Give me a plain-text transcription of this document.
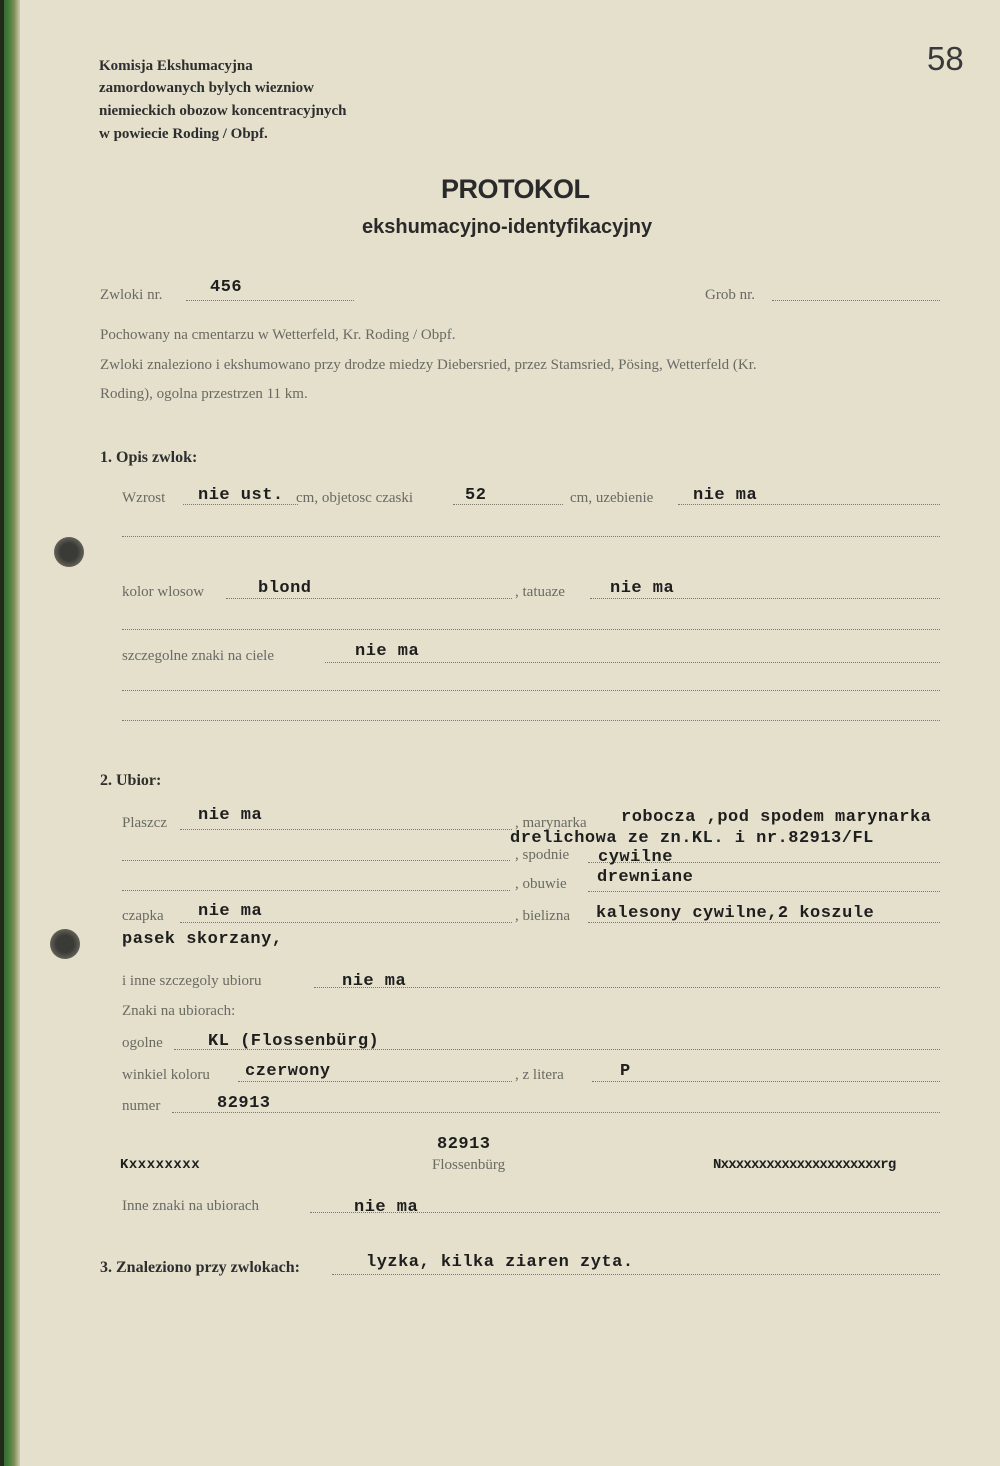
Komisja Ekshumacyjna
zamordowanych bylych wiezniow
niemieckich obozow koncentracyjnych
w powiecie Roding / Obpf.
58
PROTOKOL
ekshumacyjno-identyfikacyjny
Zwloki nr.	456	Grob nr.
Pochowany na cmentarzu w Wetterfeld, Kr. Roding / Obpf.
Zwloki znaleziono i ekshumowano przy drodze miedzy Diebersried, przez Stamsried, Pösing, Wetterfeld (Kr.
Roding), ogolna przestrzen 11 km.
1. Opis zwlok:
Wzrost nie ust. cm, objetosc czaski	52	cm, uzebienie nie ma
kolor wlosow	blond	, tatuaze	nie ma
szczegolne znaki na ciele	nie ma
2. Ubior:
Plaszcz nie ma	, marynarka robocza ,pod spodem marynarka
drelichowa ze zn.KL. i nr.82913/FL
, spodnie cywilne
, obuwie drewniane
czapka nie ma	, bielizna kalesony cywilne,2 koszule
pasek skorzany,
i inne szczegoly ubioru	nie ma
Znaki na ubiorach:
ogolne	KL (Flossenbürg)
winkiel koloru czerwony	, z litera	P
numer	82913
82913
Flossenbürg
Kxxxxxxxx	Nxxxxxxxxxxxxxxxxxxxxxrg
Inne znaki na ubiorach	nie ma
3. Znaleziono przy zwlokach:	lyzka, kilka ziaren zyta.
